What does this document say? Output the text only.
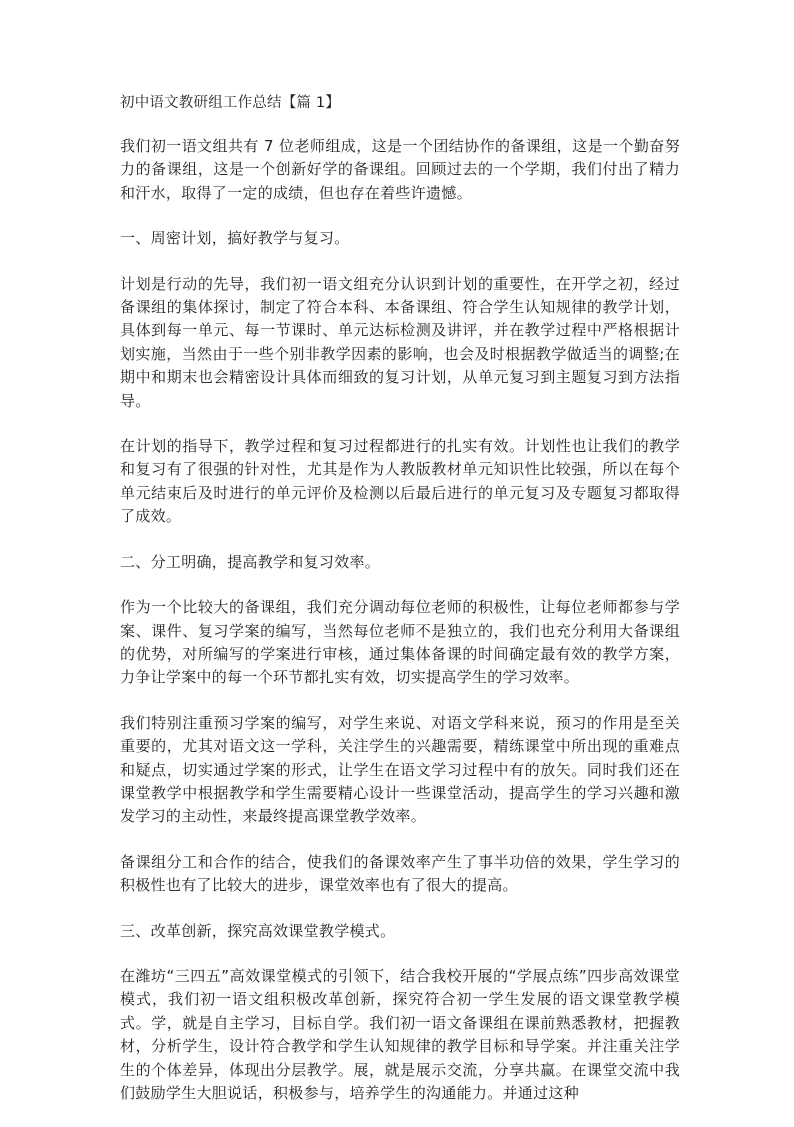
初中语文教研组工作总结【篇 1】

我们初一语文组共有 7 位老师组成，这是一个团结协作的备课组，这是一个勤奋努力的备课组，这是一个创新好学的备课组。回顾过去的一个学期，我们付出了精力和汗水，取得了一定的成绩，但也存在着些许遗憾。

一、周密计划，搞好教学与复习。

计划是行动的先导，我们初一语文组充分认识到计划的重要性，在开学之初，经过备课组的集体探讨，制定了符合本科、本备课组、符合学生认知规律的教学计划，具体到每一单元、每一节课时、单元达标检测及讲评，并在教学过程中严格根据计划实施，当然由于一些个别非教学因素的影响，也会及时根据教学做适当的调整;在期中和期末也会精密设计具体而细致的复习计划，从单元复习到主题复习到方法指导。

在计划的指导下，教学过程和复习过程都进行的扎实有效。计划性也让我们的教学和复习有了很强的针对性，尤其是作为人教版教材单元知识性比较强，所以在每个单元结束后及时进行的单元评价及检测以后最后进行的单元复习及专题复习都取得了成效。

二、分工明确，提高教学和复习效率。

作为一个比较大的备课组，我们充分调动每位老师的积极性，让每位老师都参与学案、课件、复习学案的编写，当然每位老师不是独立的，我们也充分利用大备课组的优势，对所编写的学案进行审核，通过集体备课的时间确定最有效的教学方案，力争让学案中的每一个环节都扎实有效，切实提高学生的学习效率。

我们特别注重预习学案的编写，对学生来说、对语文学科来说，预习的作用是至关重要的，尤其对语文这一学科，关注学生的兴趣需要，精练课堂中所出现的重难点和疑点，切实通过学案的形式，让学生在语文学习过程中有的放矢。同时我们还在课堂教学中根据教学和学生需要精心设计一些课堂活动，提高学生的学习兴趣和激发学习的主动性，来最终提高课堂教学效率。

备课组分工和合作的结合，使我们的备课效率产生了事半功倍的效果，学生学习的积极性也有了比较大的进步，课堂效率也有了很大的提高。

三、改革创新，探究高效课堂教学模式。

在潍坊“三四五”高效课堂模式的引领下，结合我校开展的“学展点练”四步高效课堂模式，我们初一语文组积极改革创新，探究符合初一学生发展的语文课堂教学模式。学，就是自主学习，目标自学。我们初一语文备课组在课前熟悉教材，把握教材，分析学生，设计符合教学和学生认知规律的教学目标和导学案。并注重关注学生的个体差异，体现出分层教学。展，就是展示交流，分享共赢。在课堂交流中我们鼓励学生大胆说话，积极参与，培养学生的沟通能力。并通过这种
